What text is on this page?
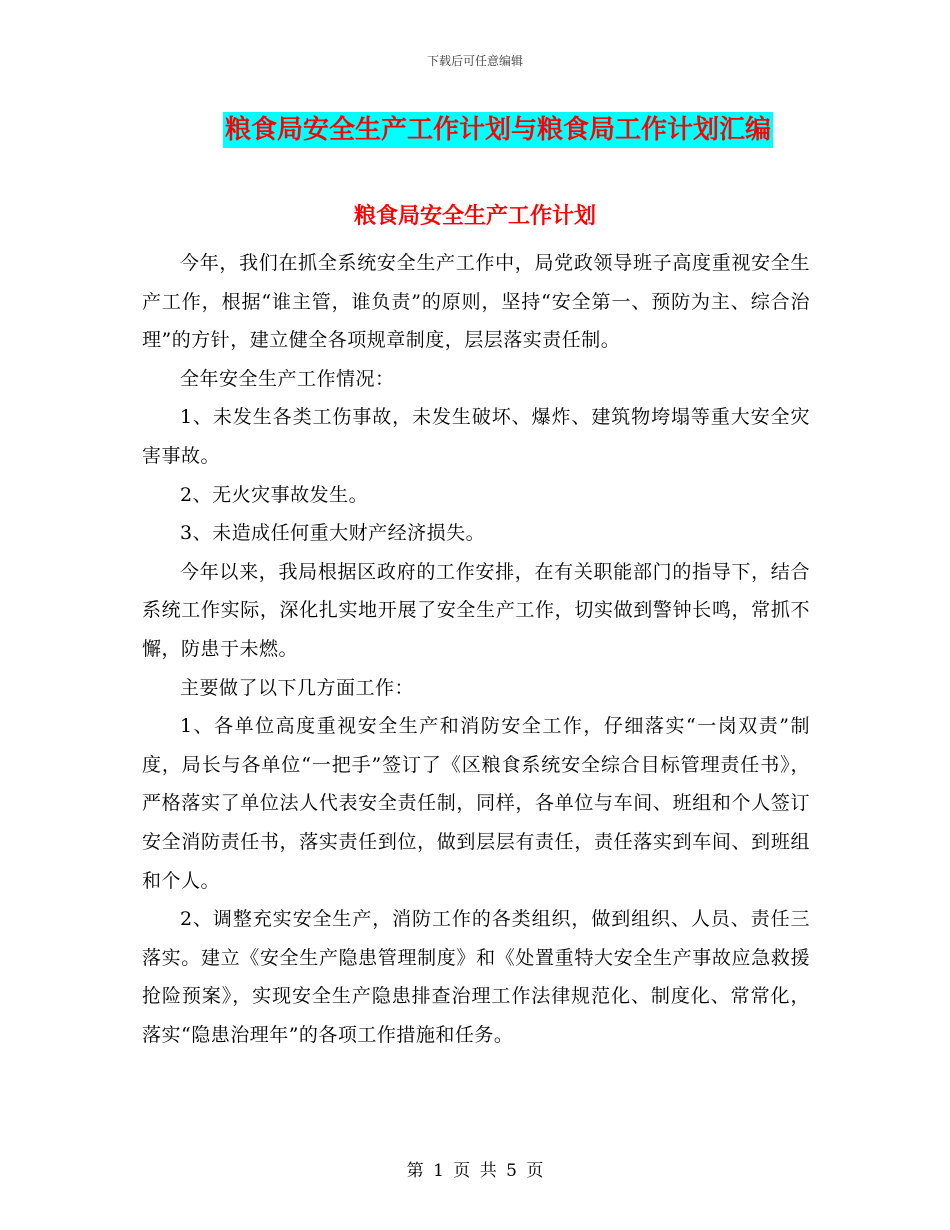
下载后可任意编辑
粮食局安全生产工作计划与粮食局工作计划汇编
粮食局安全生产工作计划

今年，我们在抓全系统安全生产工作中，局党政领导班子高度重视安全生产工作，根据“谁主管，谁负责”的原则，坚持“安全第一、预防为主、综合治理”的方针，建立健全各项规章制度，层层落实责任制。

全年安全生产工作情况：

1、未发生各类工伤事故，未发生破坏、爆炸、建筑物垮塌等重大安全灾害事故。

2、无火灾事故发生。

3、未造成任何重大财产经济损失。

今年以来，我局根据区政府的工作安排，在有关职能部门的指导下，结合系统工作实际，深化扎实地开展了安全生产工作，切实做到警钟长鸣，常抓不懈，防患于未燃。

主要做了以下几方面工作：

1、各单位高度重视安全生产和消防安全工作，仔细落实“一岗双责”制度，局长与各单位“一把手”签订了《区粮食系统安全综合目标管理责任书》，严格落实了单位法人代表安全责任制，同样，各单位与车间、班组和个人签订安全消防责任书，落实责任到位，做到层层有责任，责任落实到车间、到班组和个人。

2、调整充实安全生产，消防工作的各类组织，做到组织、人员、责任三落实。建立《安全生产隐患管理制度》和《处置重特大安全生产事故应急救援抢险预案》，实现安全生产隐患排查治理工作法律规范化、制度化、常常化，落实“隐患治理年”的各项工作措施和任务。

第 1 页 共 5 页
